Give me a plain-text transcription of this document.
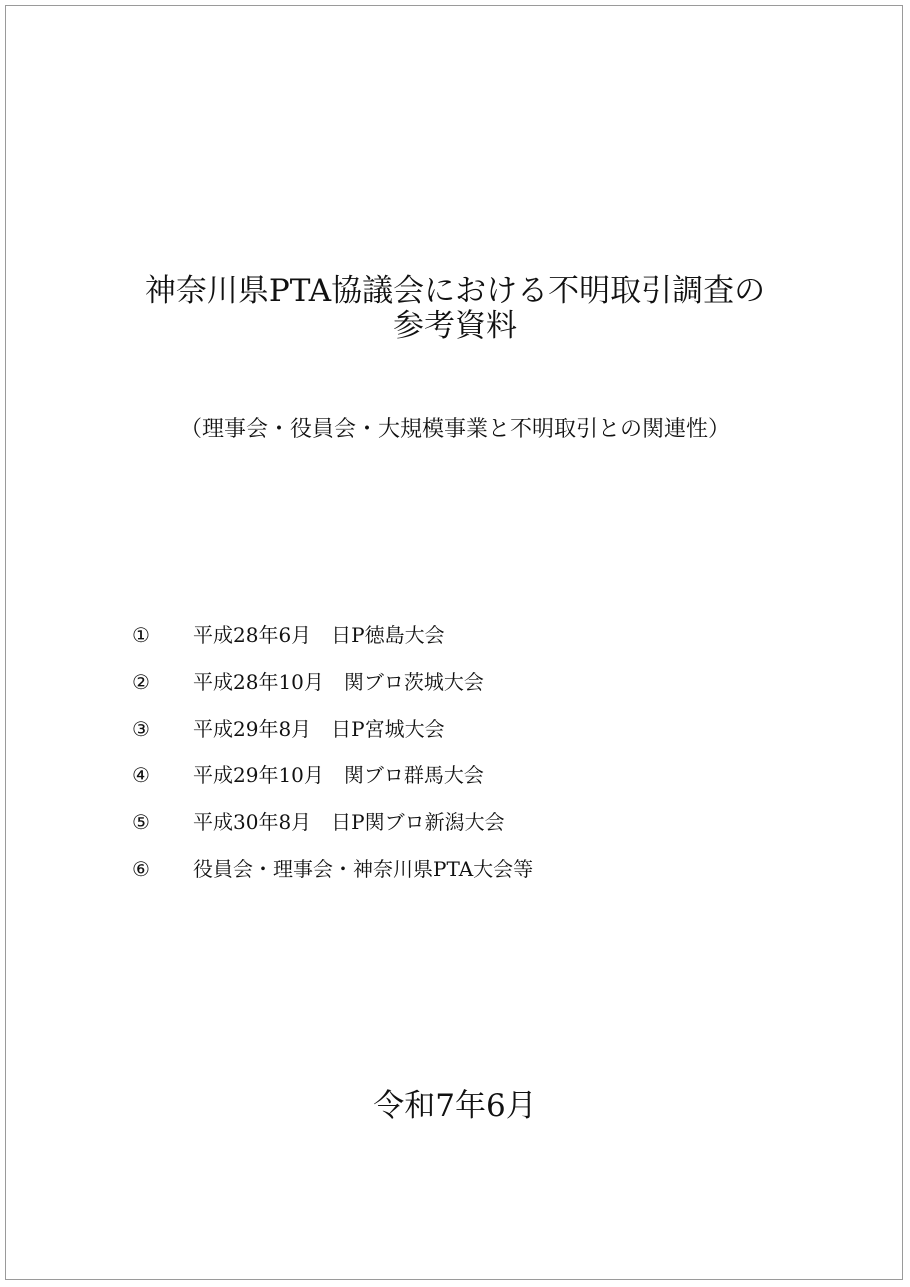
神奈川県PTA協議会における不明取引調査の
参考資料
（理事会・役員会・大規模事業と不明取引との関連性）
①	平成28年6月　日P徳島大会
②	平成28年10月　関ブロ茨城大会
③	平成29年8月　日P宮城大会
④	平成29年10月　関ブロ群馬大会
⑤	平成30年8月　日P関ブロ新潟大会
⑥	役員会・理事会・神奈川県PTA大会等
令和7年6月
